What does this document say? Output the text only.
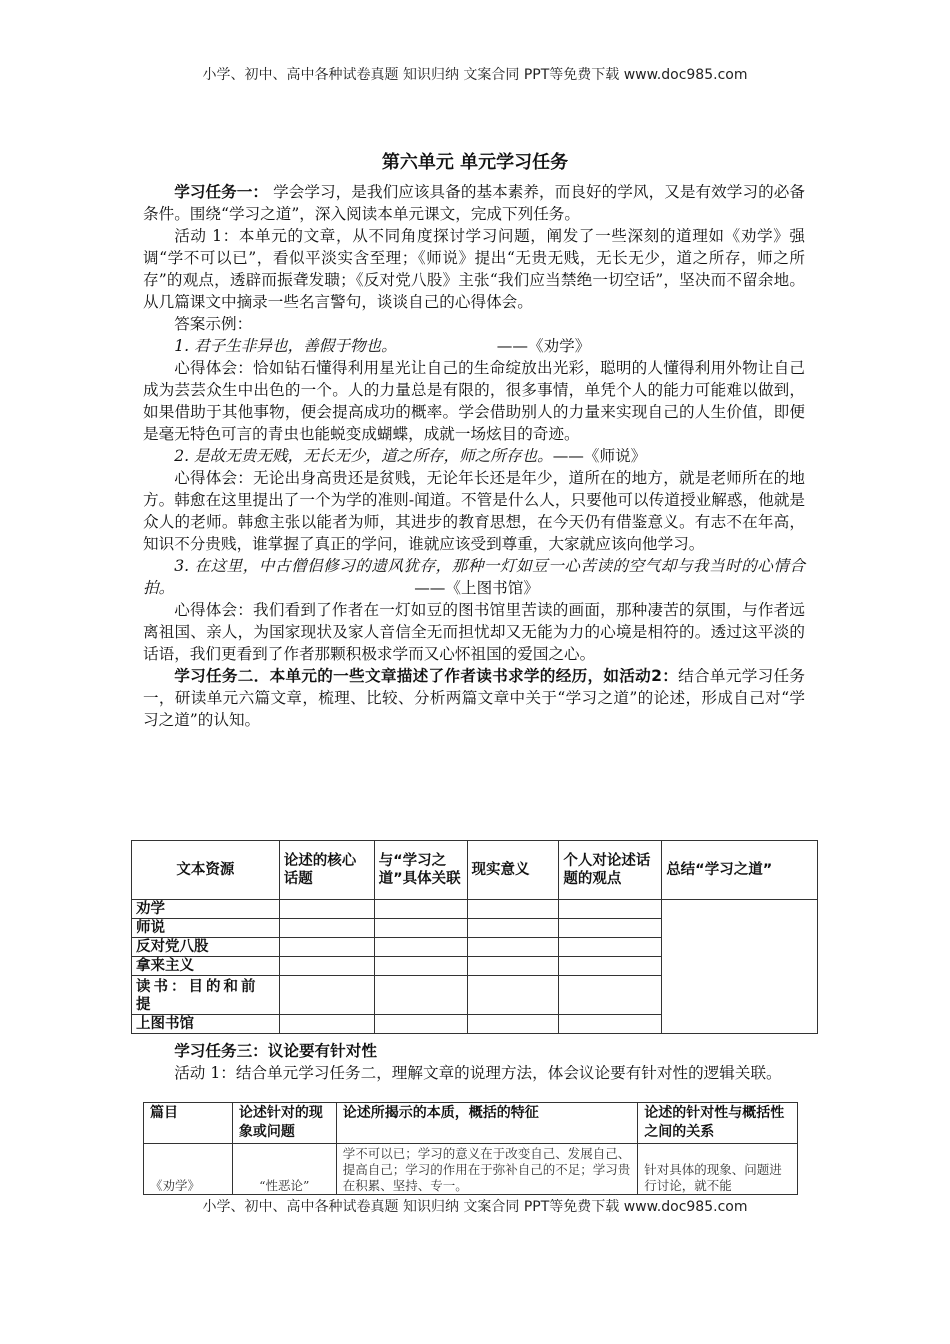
小学、初中、高中各种试卷真题 知识归纳 文案合同 PPT等免费下载 www.doc985.com
第六单元 单元学习任务

学习任务一： 学会学习，是我们应该具备的基本素养，而良好的学风，又是有效学习的必备条件。围绕“学习之道”，深入阅读本单元课文，完成下列任务。

活动 1：本单元的文章，从不同角度探讨学习问题，阐发了一些深刻的道理如《劝学》强调“学不可以已”，看似平淡实含至理；《师说》提出“无贵无贱，无长无少，道之所存，师之所存”的观点，透辟而振聋发聩；《反对党八股》主张“我们应当禁绝一切空话”，坚决而不留余地。从几篇课文中摘录一些名言警句，谈谈自己的心得体会。

答案示例：

1. 君子生非异也，善假于物也。	——《劝学》

心得体会：恰如钻石懂得利用星光让自己的生命绽放出光彩，聪明的人懂得利用外物让自己成为芸芸众生中出色的一个。人的力量总是有限的，很多事情，单凭个人的能力可能难以做到，如果借助于其他事物，便会提高成功的概率。学会借助别人的力量来实现自己的人生价值，即便是毫无特色可言的青虫也能蜕变成蝴蝶，成就一场炫目的奇迹。

2. 是故无贵无贱，无长无少，道之所存，师之所存也。——《师说》

心得体会：无论出身高贵还是贫贱，无论年长还是年少，道所在的地方，就是老师所在的地方。韩愈在这里提出了一个为学的准则-闻道。不管是什么人，只要他可以传道授业解惑，他就是众人的老师。韩愈主张以能者为师，其进步的教育思想，在今天仍有借鉴意义。有志不在年高，知识不分贵贱，谁掌握了真正的学问，谁就应该受到尊重，大家就应该向他学习。

3. 在这里，中古僧侣修习的遗风犹存，那种一灯如豆一心苦读的空气却与我当时的心情合拍。	——《上图书馆》

心得体会：我们看到了作者在一灯如豆的图书馆里苦读的画面，那种凄苦的氛围，与作者远离祖国、亲人，为国家现状及家人音信全无而担忧却又无能为力的心境是相符的。透过这平淡的话语，我们更看到了作者那颗积极求学而又心怀祖国的爱国之心。

学习任务二．本单元的一些文章描述了作者读书求学的经历，如活动2：结合单元学习任务一，研读单元六篇文章，梳理、比较、分析两篇文章中关于“学习之道”的论述，形成自己对“学习之道”的认知。

文本资源	论述的核心话题	与“学习之道”具体关联	现实意义	个人对论述话题的观点	总结“学习之道”
劝学					
师说					
反对党八股					
拿来主义					
读书：目的和前提					
上图书馆					

学习任务三：议论要有针对性

活动 1：结合单元学习任务二，理解文章的说理方法，体会议论要有针对性的逻辑关联。

篇目	论述针对的现象或问题	论述所揭示的本质，概括的特征	论述的针对性与概括性之间的关系
《劝学》	“性恶论”	学不可以已；学习的意义在于改变自己、发展自己、提高自己；学习的作用在于弥补自己的不足；学习贵在积累、坚持、专一。	针对具体的现象、问题进行讨论，就不能
小学、初中、高中各种试卷真题 知识归纳 文案合同 PPT等免费下载 www.doc985.com
